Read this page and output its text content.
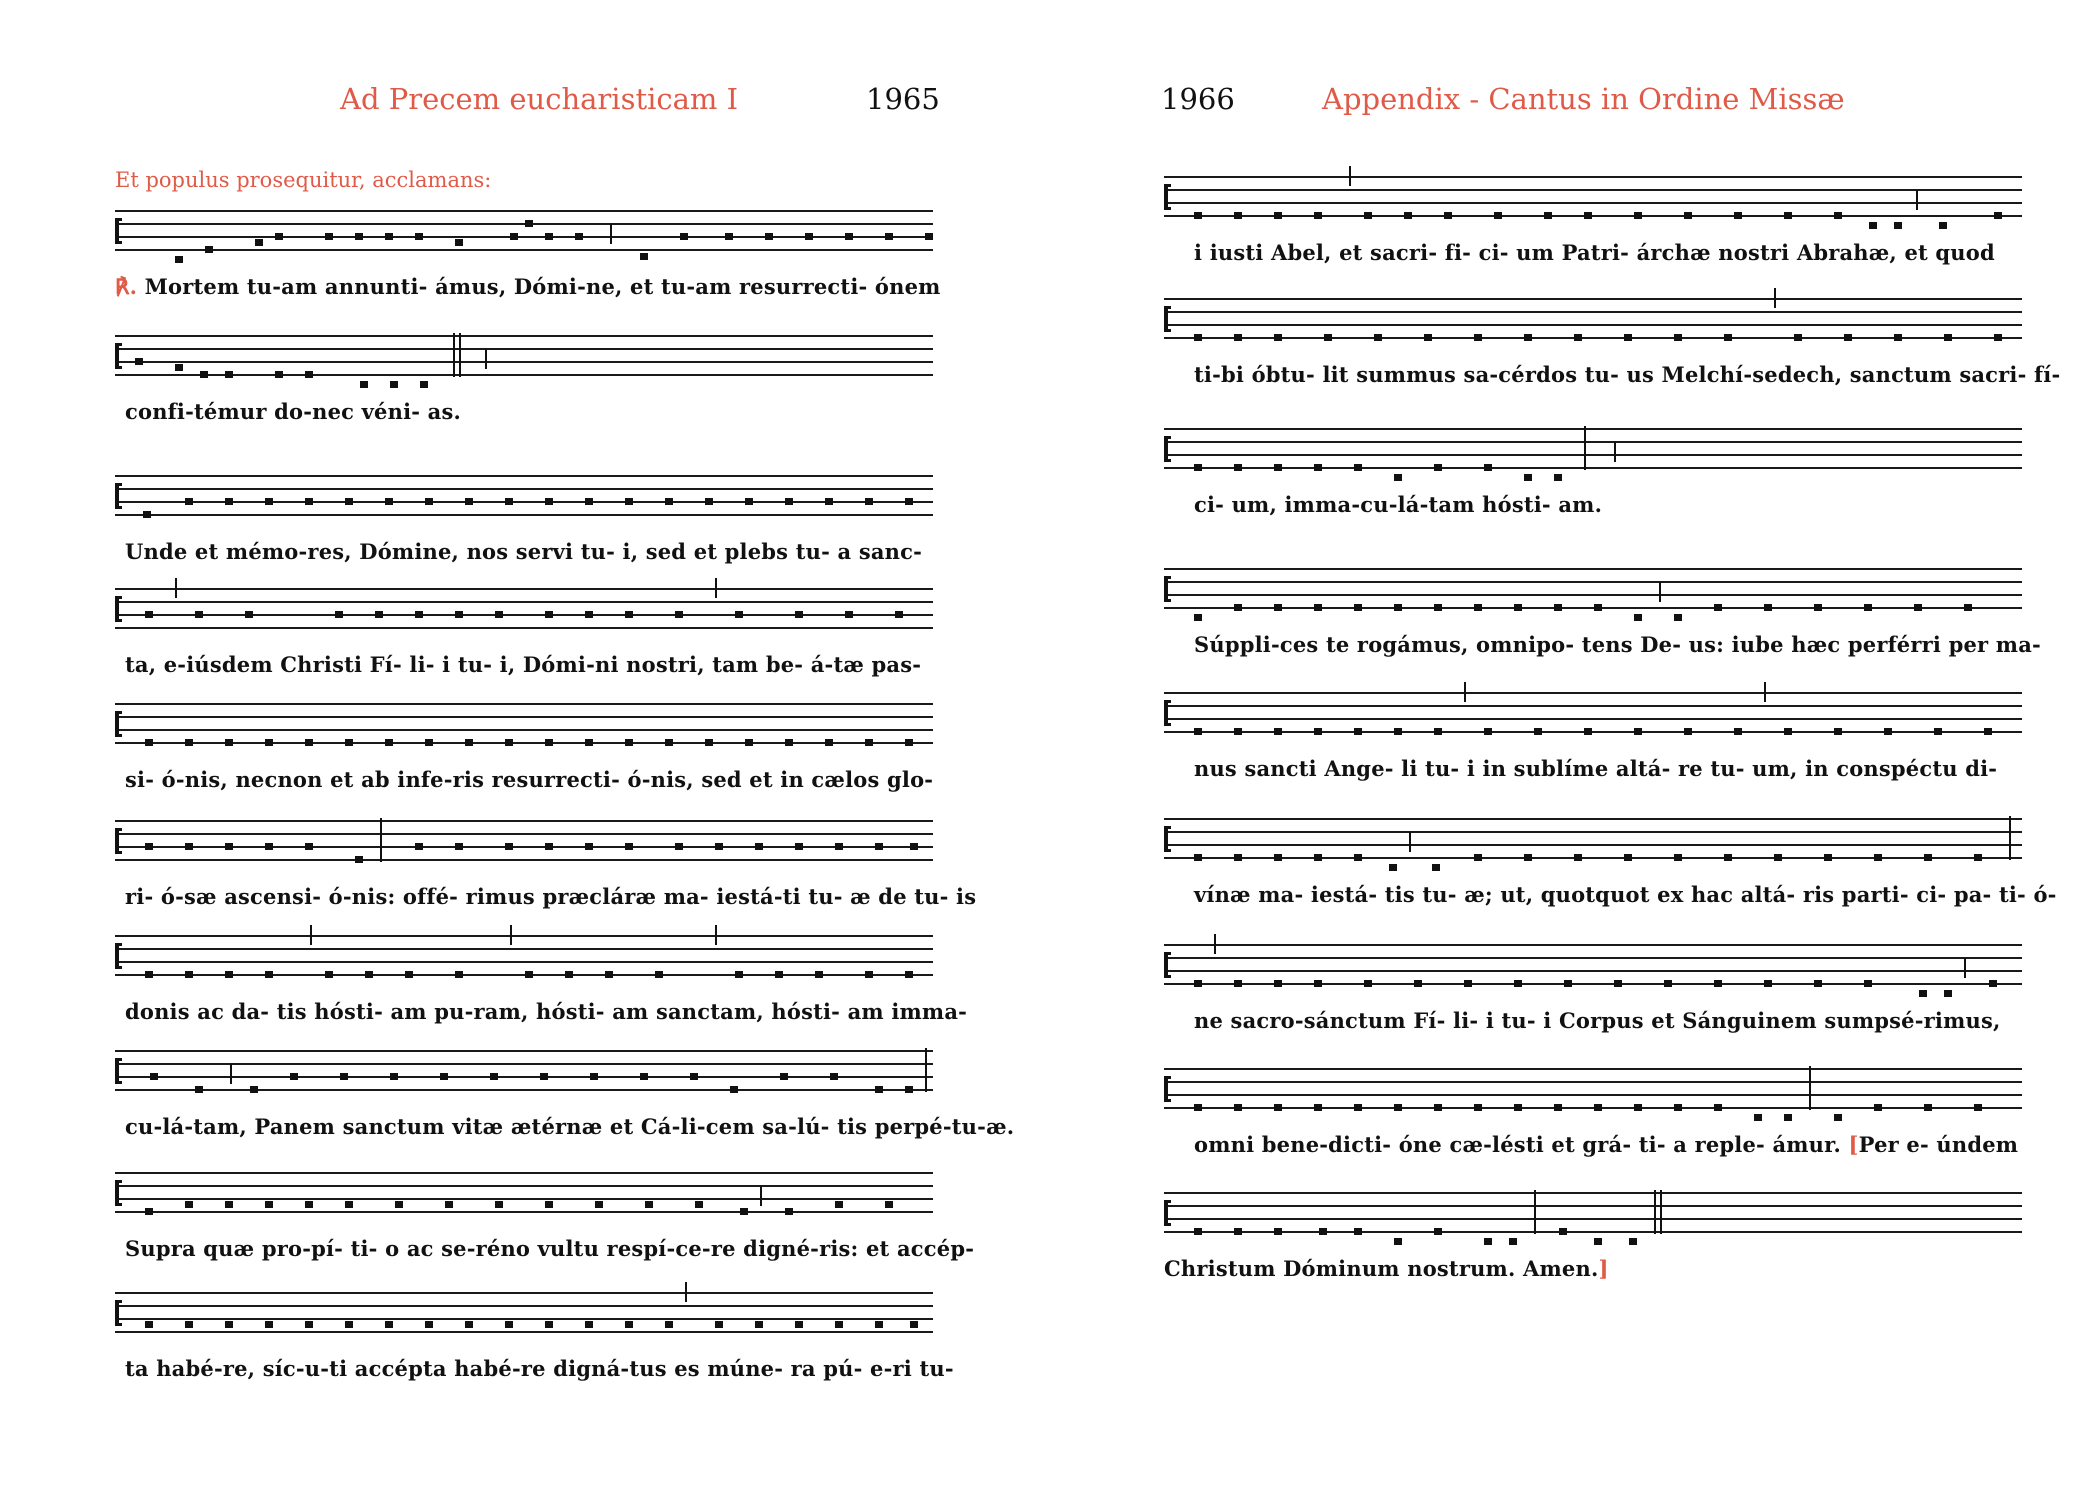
Ad Precem eucharisticam I	1965
Et populus prosequitur, acclamans:
℟. Mortem tu-am annunti- ámus, Dómi-ne, et tu-am resurrecti- ónem
confi-témur do-nec véni- as.
Unde et mémo-res, Dómine, nos servi tu- i, sed et plebs tu- a sanc-
ta, e-iúsdem Christi Fí- li- i tu- i, Dómi-ni nostri, tam be- á-tæ pas-
si- ó-nis, necnon et ab infe-ris resurrecti- ó-nis, sed et in cælos glo-
ri- ó-sæ ascensi- ó-nis: offé- rimus præcláræ ma- iestá-ti tu- æ de tu- is
donis ac da- tis hósti- am pu-ram, hósti- am sanctam, hósti- am imma-
cu-lá-tam, Panem sanctum vitæ ætérnæ et Cá-li-cem sa-lú- tis perpé-tu-æ.
Supra quæ pro-pí- ti- o ac se-réno vultu respí-ce-re digné-ris: et accép-
ta habé-re, síc-u-ti accépta habé-re digná-tus es múne- ra pú- e-ri tu-
1966	Appendix - Cantus in Ordine Missæ
i iusti Abel, et sacri- fi- ci- um Patri- árchæ nostri Abrahæ, et quod
ti-bi óbtu- lit summus sa-cérdos tu- us Melchí-sedech, sanctum sacri- fí-
ci- um, imma-cu-lá-tam hósti- am.
Súppli-ces te rogámus, omnipo- tens De- us: iube hæc perférri per ma-
nus sancti Ange- li tu- i in sublíme altá- re tu- um, in conspéctu di-
vínæ ma- iestá- tis tu- æ; ut, quotquot ex hac altá- ris parti- ci- pa- ti- ó-
ne sacro-sánctum Fí- li- i tu- i Corpus et Sánguinem sumpsé-rimus,
omni bene-dicti- óne cæ-lésti et grá- ti- a reple- ámur. [Per e- úndem
Christum Dóminum nostrum. Amen.]
